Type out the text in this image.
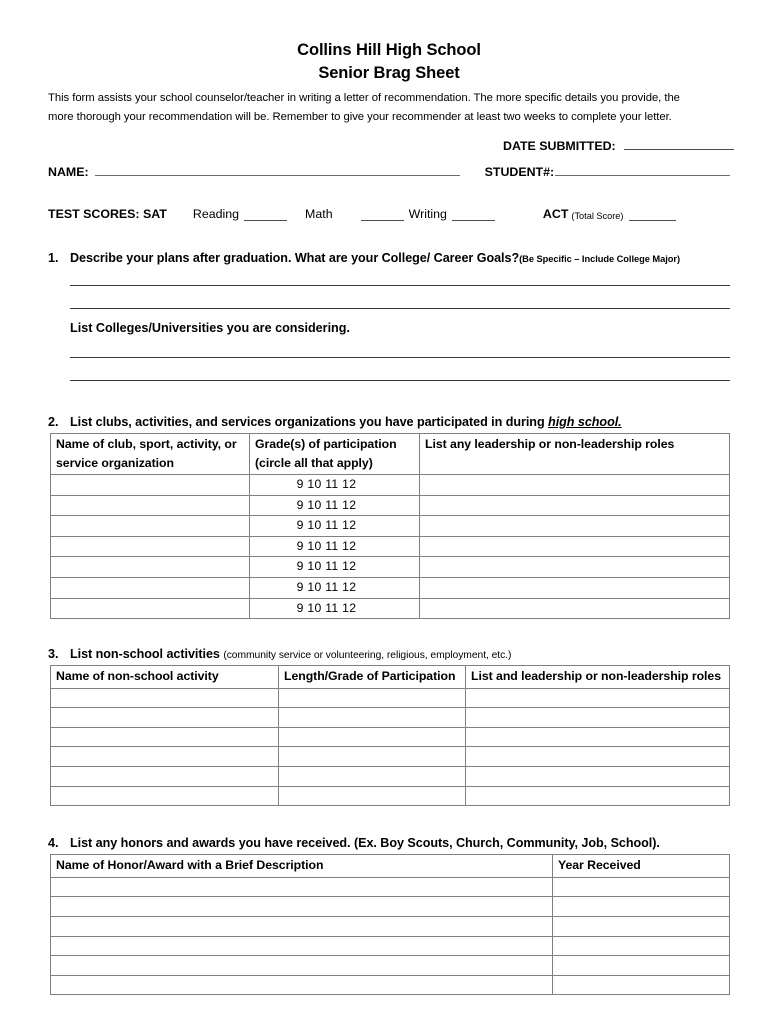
Collins Hill High School
Senior Brag Sheet
This form assists your school counselor/teacher in writing a letter of recommendation. The more specific details you provide, the
more thorough your recommendation will be. Remember to give your recommender at least two weeks to complete your letter.
DATE SUBMITTED:
NAME:	STUDENT#:
TEST SCORES: SAT Reading	Math	Writing	ACT (Total Score)
1. Describe your plans after graduation. What are your College/ Career Goals?(Be Specific – Include College Major)
List Colleges/Universities you are considering.
2. List clubs, activities, and services organizations you have participated in during high school.
Name of club, sport, activity, or service organization	Grade(s) of participation (circle all that apply)	List any leadership or non-leadership roles
	9 10 11 12	
	9 10 11 12	
	9 10 11 12	
	9 10 11 12	
	9 10 11 12	
	9 10 11 12	
	9 10 11 12	
3. List non-school activities (community service or volunteering, religious, employment, etc.)
Name of non-school activity	Length/Grade of Participation	List and leadership or non-leadership roles

4. List any honors and awards you have received. (Ex. Boy Scouts, Church, Community, Job, School).
Name of Honor/Award with a Brief Description	Year Received
